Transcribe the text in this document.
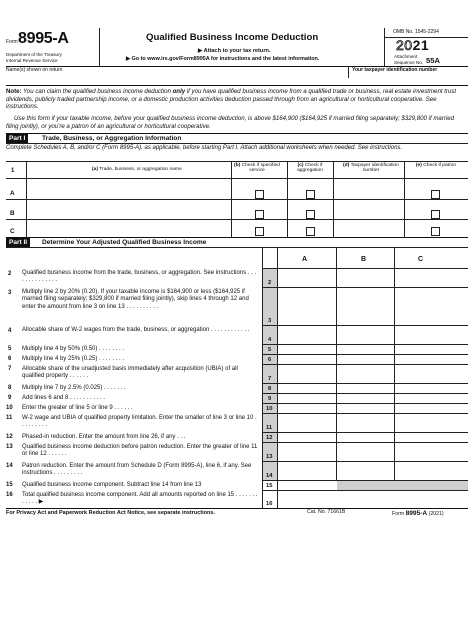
Form 8995-A
Department of the Treasury
Internal Revenue Service
Qualified Business Income Deduction
▶ Attach to your tax return.
▶ Go to www.irs.gov/Form8995A for instructions and the latest information.
OMB No. 1545-2294
2021
Attachment
Sequence No. 55A
Name(s) shown on return	Your taxpayer identification number
Note: You can claim the qualified business income deduction only if you have qualified business income from a qualified trade or business, real estate investment trust dividends, publicly traded partnership income, or a domestic production activities deduction passed through from an agricultural or horticultural cooperative. See instructions.
Use this form if your taxable income, before your qualified business income deduction, is above $164,900 ($164,925 if married filing separately; $329,800 if married filing jointly), or you're a patron of an agricultural or horticultural cooperative.
Part I	Trade, Business, or Aggregation Information
Complete Schedules A, B, and/or C (Form 8995-A), as applicable, before starting Part I. Attach additional worksheets when needed. See instructions.
1	(a) Trade, business, or aggregation name
(b) Check if specified service
(c) Check if aggregation
(d) Taxpayer identification number
(e) Check if patron
A
B
C
Part II	Determine Your Adjusted Qualified Business Income
A	B	C
2 Qualified business income from the trade, business, or aggregation. See instructions . . . . . . . . . . . . . .	2
3 Multiply line 2 by 20% (0.20). If your taxable income is $164,900 or less ($164,925 if married filing separately; $329,800 if married filing jointly), skip lines 4 through 12 and enter the amount from line 3 on line 13 . . . . . . . . . .
3
4 Allocable share of W-2 wages from the trade, business, or aggregation . . . . . . . . . . . .
4
5 Multiply line 4 by 50% (0.50) . . . . . . . .	5
6 Multiply line 4 by 25% (0.25) . . . . . . . .	6
7 Allocable share of the unadjusted basis immediately after acquisition (UBIA) of all qualified property . . . . . .	7
8 Multiply line 7 by 2.5% (0.025) . . . . . . .	8
9 Add lines 6 and 8 . . . . . . . . . . .	9
10 Enter the greater of line 5 or line 9 . . . . . .	10
11 W-2 wage and UBIA of qualified property limitation. Enter the smaller of line 3 or line 10 . . . . . . . . .	11
12 Phased-in reduction. Enter the amount from line 26, if any . . .	12
13 Qualified business income deduction before patron reduction. Enter the greater of line 11 or line 12 . . . . . .	13
14 Patron reduction. Enter the amount from Schedule D (Form 8995-A), line 6, if any. See instructions . . . . . . . . .	14
15 Qualified business income component. Subtract line 14 from line 13	15
16 Total qualified business income component. Add all amounts reported on line 15 . . . . . . . . . . . . ▶	16
For Privacy Act and Paperwork Reduction Act Notice, see separate instructions.	Cat. No. 71661B	Form 8995-A (2021)
